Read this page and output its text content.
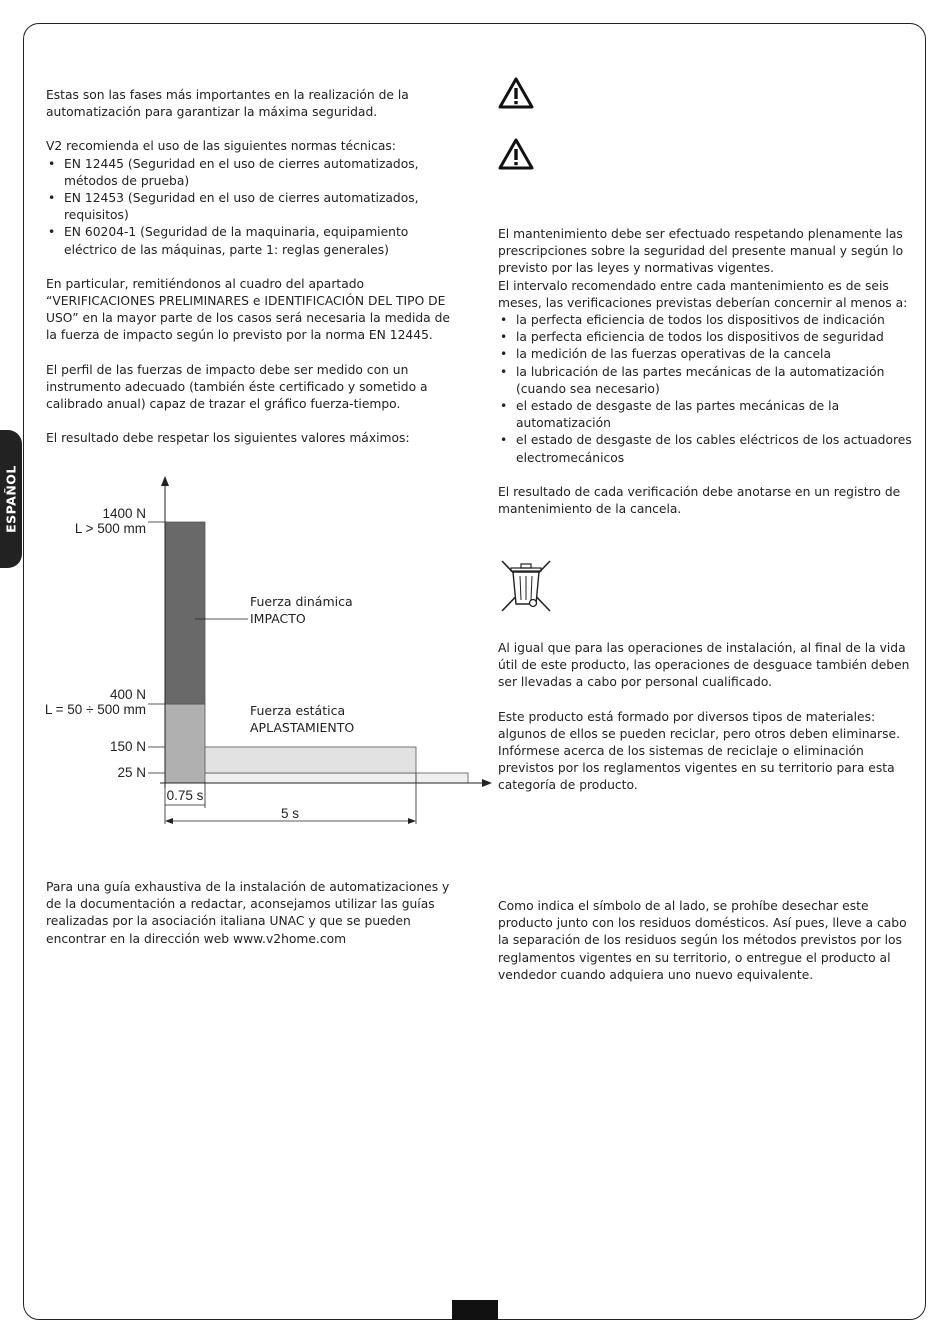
ESPAÑOL

Estas son las fases más importantes en la realización de la automatización para garantizar la máxima seguridad.

V2 recomienda el uso de las siguientes normas técnicas:

• EN 12445 (Seguridad en el uso de cierres automatizados, métodos de prueba)
• EN 12453 (Seguridad en el uso de cierres automatizados, requisitos)
• EN 60204-1 (Seguridad de la maquinaria, equipamiento eléctrico de las máquinas, parte 1: reglas generales)

En particular, remitiéndonos al cuadro del apartado “VERIFICACIONES PRELIMINARES e IDENTIFICACIÓN DEL TIPO DE USO” en la mayor parte de los casos será necesaria la medida de la fuerza de impacto según lo previsto por la norma EN 12445.

El perfil de las fuerzas de impacto debe ser medido con un instrumento adecuado (también éste certificado y sometido a calibrado anual) capaz de trazar el gráfico fuerza-tiempo.

El resultado debe respetar los siguientes valores máximos:

1400 N
L > 500 mm
400 N
L = 50 ÷ 500 mm
150 N
25 N
Fuerza dinámica
IMPACTO
Fuerza estática
APLASTAMIENTO
0.75 s
5 s

Para una guía exhaustiva de la instalación de automatizaciones y de la documentación a redactar, aconsejamos utilizar las guías realizadas por la asociación italiana UNAC y que se pueden encontrar en la dirección web www.v2home.com

El mantenimiento debe ser efectuado respetando plenamente las prescripciones sobre la seguridad del presente manual y según lo previsto por las leyes y normativas vigentes.

El intervalo recomendado entre cada mantenimiento es de seis meses, las verificaciones previstas deberían concernir al menos a:

• la perfecta eficiencia de todos los dispositivos de indicación
• la perfecta eficiencia de todos los dispositivos de seguridad
• la medición de las fuerzas operativas de la cancela
• la lubricación de las partes mecánicas de la automatización (cuando sea necesario)
• el estado de desgaste de las partes mecánicas de la automatización
• el estado de desgaste de los cables eléctricos de los actuadores electromecánicos

El resultado de cada verificación debe anotarse en un registro de mantenimiento de la cancela.

Al igual que para las operaciones de instalación, al final de la vida útil de este producto, las operaciones de desguace también deben ser llevadas a cabo por personal cualificado.

Este producto está formado por diversos tipos de materiales: algunos de ellos se pueden reciclar, pero otros deben eliminarse. Infórmese acerca de los sistemas de reciclaje o eliminación previstos por los reglamentos vigentes en su territorio para esta categoría de producto.

Como indica el símbolo de al lado, se prohíbe desechar este producto junto con los residuos domésticos. Así pues, lleve a cabo la separación de los residuos según los métodos previstos por los reglamentos vigentes en su territorio, o entregue el producto al vendedor cuando adquiera uno nuevo equivalente.
